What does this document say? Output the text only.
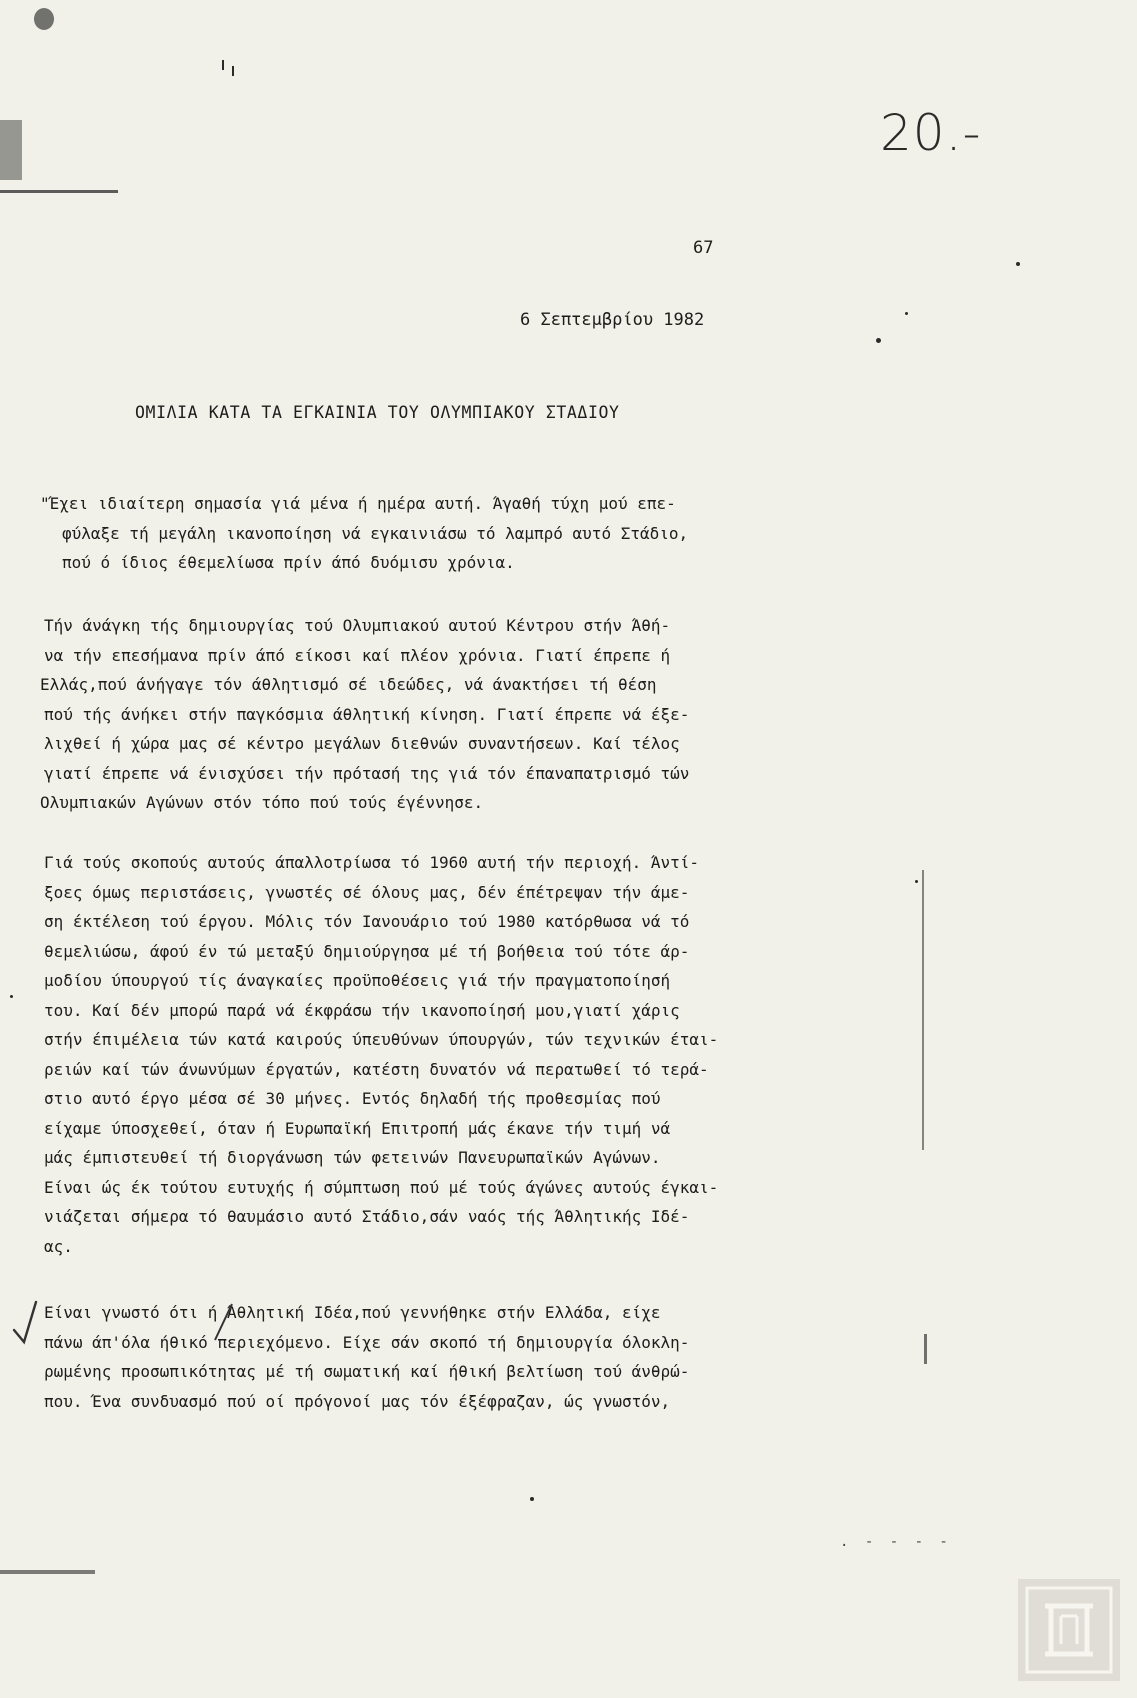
20.-
67
6 Σεπτεμβρίου 1982
ΟΜΙΛΙΑ ΚΑΤΑ ΤΑ ΕΓΚΑΙΝΙΑ ΤΟΥ ΟΛΥΜΠΙΑΚΟΥ ΣΤΑΔΙΟΥ
"Έχει ιδιαίτερη σημασία γιά μένα ή ημέρα αυτή. Άγαθή τύχη μού επε-
φύλαξε τή μεγάλη ικανοποίηση νά εγκαινιάσω τό λαμπρό αυτό Στάδιο,
πού ό ίδιος έθεμελίωσα πρίν άπό δυόμισυ χρόνια.
Τήν άνάγκη τής δημιουργίας τού Ολυμπιακού αυτού Κέντρου στήν Άθή-
να τήν επεσήμανα πρίν άπό είκοσι καί πλέον χρόνια. Γιατί έπρεπε ή
Ελλάς,πού άνήγαγε τόν άθλητισμό σέ ιδεώδες, νά άνακτήσει τή θέση
πού τής άνήκει στήν παγκόσμια άθλητική κίνηση. Γιατί έπρεπε νά έξε-
λιχθεί ή χώρα μας σέ κέντρο μεγάλων διεθνών συναντήσεων. Καί τέλος
γιατί έπρεπε νά ένισχύσει τήν πρότασή της γιά τόν έπαναπατρισμό τών
Ολυμπιακών Αγώνων στόν τόπο πού τούς έγέννησε.
Γιά τούς σκοπούς αυτούς άπαλλοτρίωσα τό 1960 αυτή τήν περιοχή. Άντί-
ξοες όμως περιστάσεις, γνωστές σέ όλους μας, δέν έπέτρεψαν τήν άμε-
ση έκτέλεση τού έργου. Μόλις τόν Ιανουάριο τού 1980 κατόρθωσα νά τό
θεμελιώσω, άφού έν τώ μεταξύ δημιούργησα μέ τή βοήθεια τού τότε άρ-
μοδίου ύπουργού τίς άναγκαίες προϋποθέσεις γιά τήν πραγματοποίησή
του. Καί δέν μπορώ παρά νά έκφράσω τήν ικανοποίησή μου,γιατί χάρις
στήν έπιμέλεια τών κατά καιρούς ύπευθύνων ύπουργών, τών τεχνικών έται-
ρειών καί τών άνωνύμων έργατών, κατέστη δυνατόν νά περατωθεί τό τερά-
στιο αυτό έργο μέσα σέ 30 μήνες. Εντός δηλαδή τής προθεσμίας πού
είχαμε ύποσχεθεί, όταν ή Ευρωπαϊκή Επιτροπή μάς έκανε τήν τιμή νά
μάς έμπιστευθεί τή διοργάνωση τών φετεινών Πανευρωπαϊκών Αγώνων.
Είναι ώς έκ τούτου ευτυχής ή σύμπτωση πού μέ τούς άγώνες αυτούς έγκαι-
νιάζεται σήμερα τό θαυμάσιο αυτό Στάδιο,σάν ναός τής Άθλητικής Ιδέ-
ας.
Είναι γνωστό ότι ή Άθλητική Ιδέα,πού γεννήθηκε στήν Ελλάδα, είχε
πάνω άπ'όλα ήθικό περιεχόμενο. Είχε σάν σκοπό τή δημιουργία όλοκλη-
ρωμένης προσωπικότητας μέ τή σωματική καί ήθική βελτίωση τού άνθρώ-
που. Ένα συνδυασμό πού οί πρόγονοί μας τόν έξέφραζαν, ώς γνωστόν,
. - - - -
